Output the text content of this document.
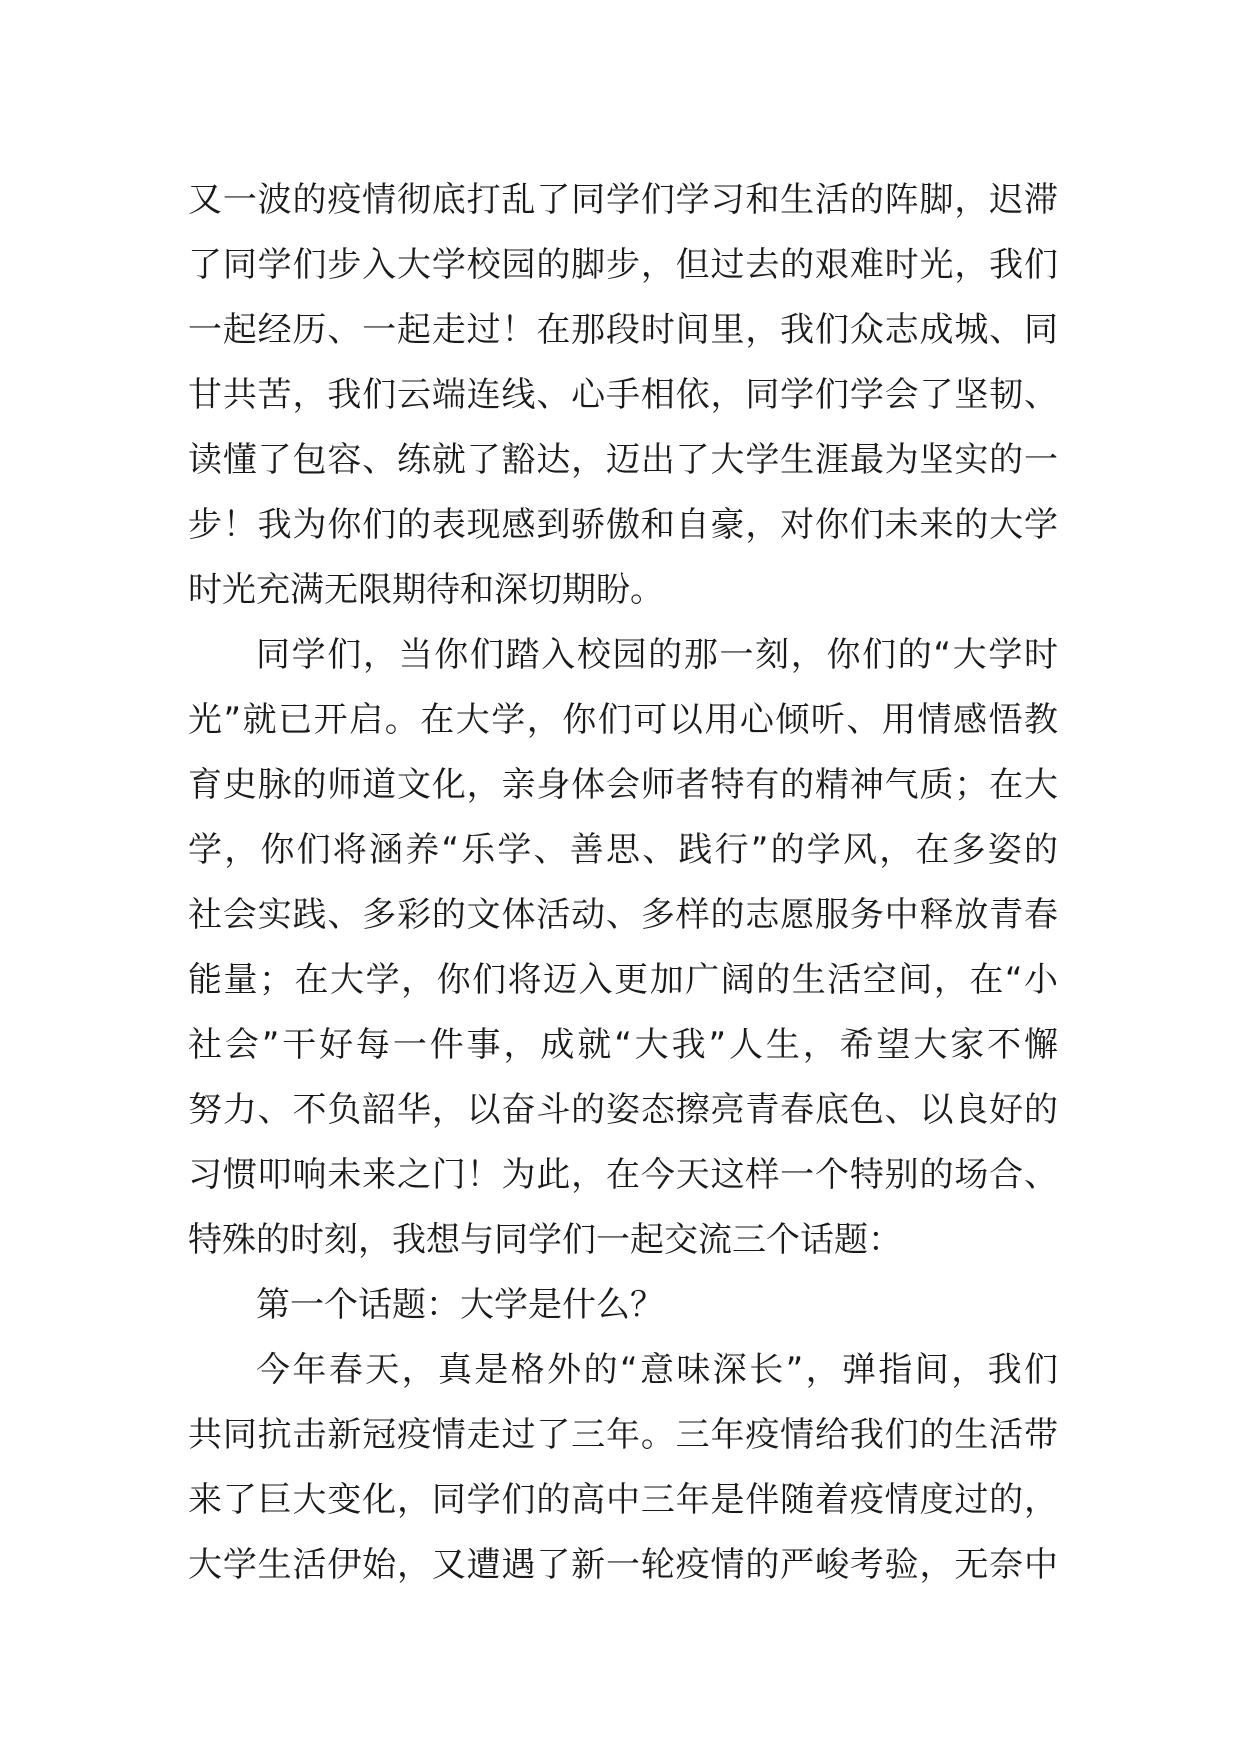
又一波的疫情彻底打乱了同学们学习和生活的阵脚，迟滞
了同学们步入大学校园的脚步，但过去的艰难时光，我们
一起经历、一起走过！在那段时间里，我们众志成城、同
甘共苦，我们云端连线、心手相依，同学们学会了坚韧、
读懂了包容、练就了豁达，迈出了大学生涯最为坚实的一
步！我为你们的表现感到骄傲和自豪，对你们未来的大学
时光充满无限期待和深切期盼。
同学们，当你们踏入校园的那一刻，你们的“大学时
光”就已开启。在大学，你们可以用心倾听、用情感悟教
育史脉的师道文化，亲身体会师者特有的精神气质；在大
学，你们将涵养“乐学、善思、践行”的学风，在多姿的
社会实践、多彩的文体活动、多样的志愿服务中释放青春
能量；在大学，你们将迈入更加广阔的生活空间，在“小
社会”干好每一件事，成就“大我”人生，希望大家不懈
努力、不负韶华，以奋斗的姿态擦亮青春底色、以良好的
习惯叩响未来之门！为此，在今天这样一个特别的场合、
特殊的时刻，我想与同学们一起交流三个话题：
第一个话题：大学是什么？
今年春天，真是格外的“意味深长”，弹指间，我们
共同抗击新冠疫情走过了三年。三年疫情给我们的生活带
来了巨大变化，同学们的高中三年是伴随着疫情度过的，
大学生活伊始，又遭遇了新一轮疫情的严峻考验，无奈中
